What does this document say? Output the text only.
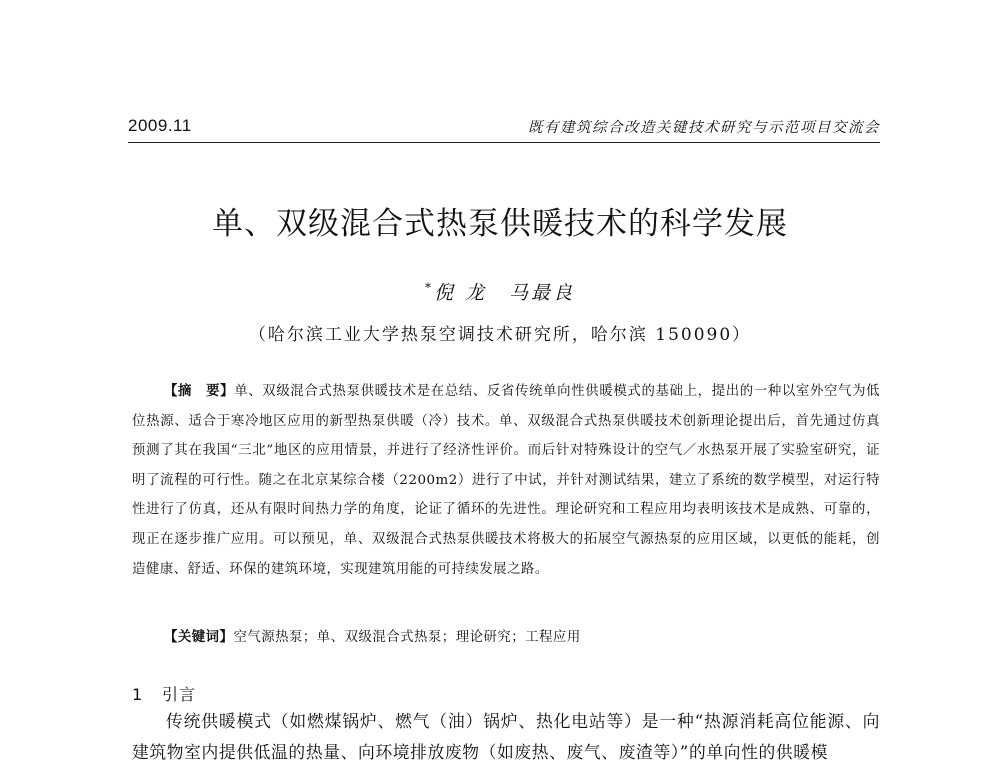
2009.11	既有建筑综合改造关键技术研究与示范项目交流会
单、双级混合式热泵供暖技术的科学发展
*倪 龙 马最良
（哈尔滨工业大学热泵空调技术研究所，哈尔滨 150090）
【摘　要】单、双级混合式热泵供暖技术是在总结、反省传统单向性供暖模式的基础上，提出的一种以室外空气为低位热源、适合于寒冷地区应用的新型热泵供暖（冷）技术。单、双级混合式热泵供暖技术创新理论提出后，首先通过仿真预测了其在我国“三北”地区的应用情景，并进行了经济性评价。而后针对特殊设计的空气／水热泵开展了实验室研究，证明了流程的可行性。随之在北京某综合楼（2200m2）进行了中试，并针对测试结果，建立了系统的数学模型，对运行特性进行了仿真，还从有限时间热力学的角度，论证了循环的先进性。理论研究和工程应用均表明该技术是成熟、可靠的，现正在逐步推广应用。可以预见，单、双级混合式热泵供暖技术将极大的拓展空气源热泵的应用区域，以更低的能耗，创造健康、舒适、环保的建筑环境，实现建筑用能的可持续发展之路。
【关键词】空气源热泵；单、双级混合式热泵；理论研究；工程应用
1 引言
传统供暖模式（如燃煤锅炉、燃气（油）锅炉、热化电站等）是一种“热源消耗高位能源、向建筑物室内提供低温的热量、向环境排放废物（如废热、废气、废渣等）”的单向性的供暖模
